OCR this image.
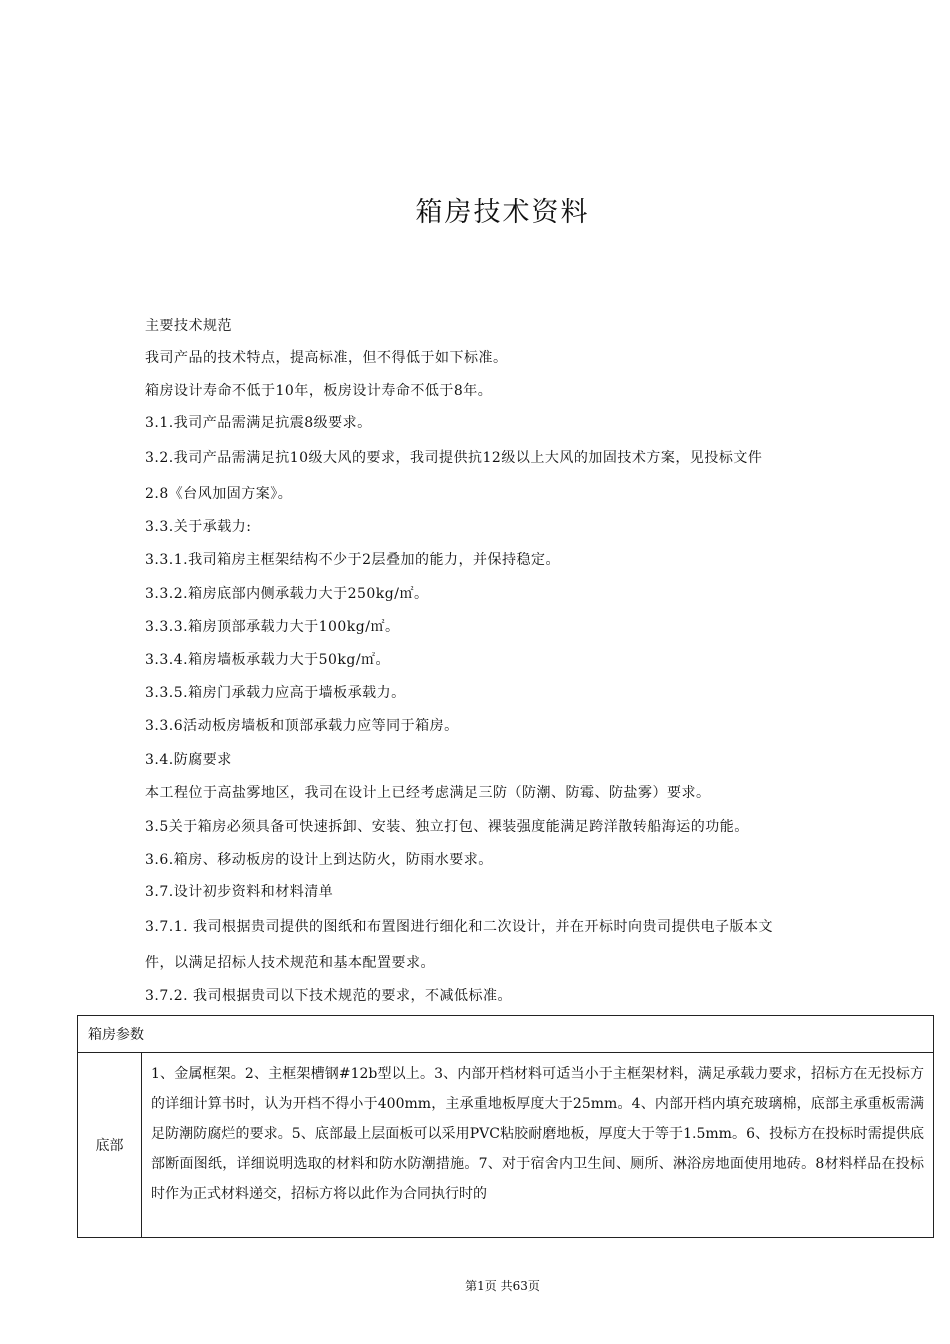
箱房技术资料
主要技术规范
我司产品的技术特点，提高标准，但不得低于如下标准。
箱房设计寿命不低于10年，板房设计寿命不低于8年。
3.1.我司产品需满足抗震8级要求。
3.2.我司产品需满足抗10级大风的要求，我司提供抗12级以上大风的加固技术方案，见投标文件
2.8《台风加固方案》。
3.3.关于承载力:
3.3.1.我司箱房主框架结构不少于2层叠加的能力，并保持稳定。
3.3.2.箱房底部内侧承载力大于250kg/㎡。
3.3.3.箱房顶部承载力大于100kg/㎡。
3.3.4.箱房墙板承载力大于50kg/㎡。
3.3.5.箱房门承载力应高于墙板承载力。
3.3.6活动板房墙板和顶部承载力应等同于箱房。
3.4.防腐要求
本工程位于高盐雾地区，我司在设计上已经考虑满足三防（防潮、防霉、防盐雾）要求。
3.5关于箱房必须具备可快速拆卸、安装、独立打包、裸装强度能满足跨洋散转船海运的功能。
3.6.箱房、移动板房的设计上到达防火，防雨水要求。
3.7.设计初步资料和材料清单
3.7.1. 我司根据贵司提供的图纸和布置图进行细化和二次设计，并在开标时向贵司提供电子版本文
件，以满足招标人技术规范和基本配置要求。
3.7.2. 我司根据贵司以下技术规范的要求，不减低标准。
箱房参数
底部	1、金属框架。2、主框架槽钢#12b型以上。3、内部开档材料可适当小于主框架材料，满足承载力要求，招标方在无投标方的详细计算书时，认为开档不得小于400mm，主承重地板厚度大于25mm。4、内部开档内填充玻璃棉，底部主承重板需满足防潮防腐烂的要求。5、底部最上层面板可以采用PVC粘胶耐磨地板，厚度大于等于1.5mm。6、投标方在投标时需提供底部断面图纸，详细说明选取的材料和防水防潮措施。7、对于宿舍内卫生间、厕所、淋浴房地面使用地砖。8材料样品在投标时作为正式材料递交，招标方将以此作为合同执行时的
第1页 共63页
